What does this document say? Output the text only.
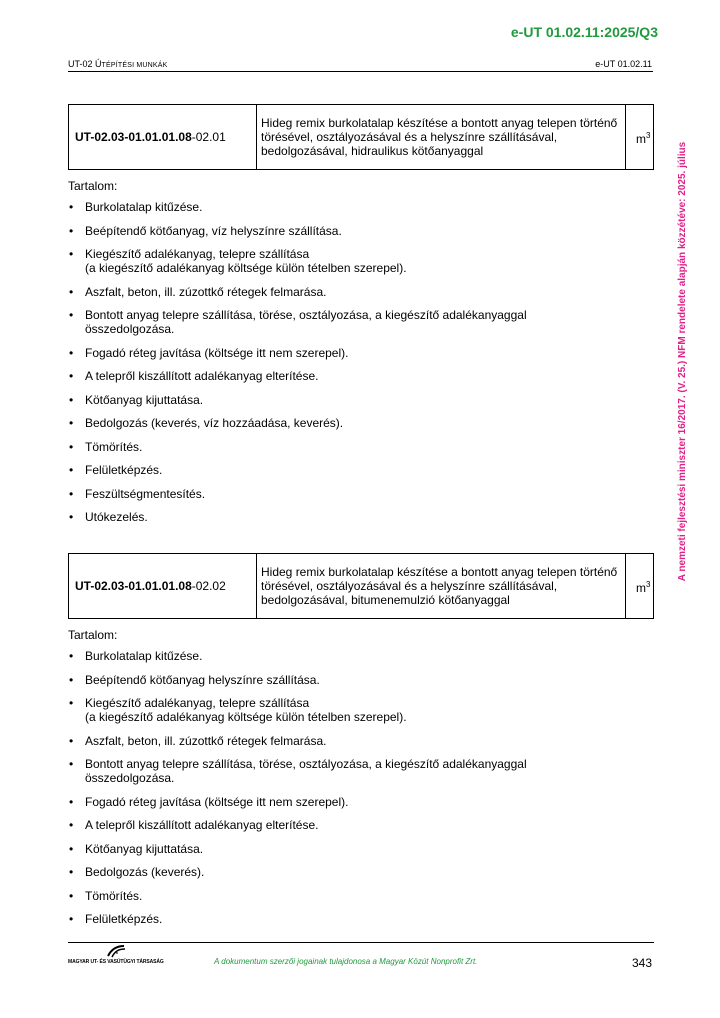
e-UT 01.02.11:2025/Q3
UT-02 ÚTÉPÍTÉSI MUNKÁK	e-UT 01.02.11
UT-02.03-01.01.01.08-02.01	Hideg remix burkolatalap készítése a bontott anyag telepen történő törésével, osztályozásával és a helyszínre szállításával, bedolgozásával, hidraulikus kötőanyaggal	$m^3$
Tartalom:
• Burkolatalap kitűzése.
• Beépítendő kötőanyag, víz helyszínre szállítása.
• Kiegészítő adalékanyag, telepre szállítása
(a kiegészítő adalékanyag költsége külön tételben szerepel).
• Aszfalt, beton, ill. zúzottkő rétegek felmarása.
• Bontott anyag telepre szállítása, törése, osztályozása, a kiegészítő adalékanyaggal
összedolgozása.
• Fogadó réteg javítása (költsége itt nem szerepel).
• A telepről kiszállított adalékanyag elterítése.
• Kötőanyag kijuttatása.
• Bedolgozás (keverés, víz hozzáadása, keverés).
• Tömörítés.
• Felületképzés.
• Feszültségmentesítés.
• Utókezelés.
UT-02.03-01.01.01.08-02.02	Hideg remix burkolatalap készítése a bontott anyag telepen történő törésével, osztályozásával és a helyszínre szállításával, bedolgozásával, bitumenemulzió kötőanyaggal	$m^3$
Tartalom:
• Burkolatalap kitűzése.
• Beépítendő kötőanyag helyszínre szállítása.
• Kiegészítő adalékanyag, telepre szállítása
(a kiegészítő adalékanyag költsége külön tételben szerepel).
• Aszfalt, beton, ill. zúzottkő rétegek felmarása.
• Bontott anyag telepre szállítása, törése, osztályozása, a kiegészítő adalékanyaggal
összedolgozása.
• Fogadó réteg javítása (költsége itt nem szerepel).
• A telepről kiszállított adalékanyag elterítése.
• Kötőanyag kijuttatása.
• Bedolgozás (keverés).
• Tömörítés.
• Felületképzés.
A nemzeti fejlesztési miniszter 16/2017. (V. 25.) NFM rendelete alapján közzétéve: 2025. július
MAGYAR UT- ÉS VASÚTÜGYI TÁRSASÁG	A dokumentum szerzői jogainak tulajdonosa a Magyar Közút Nonprofit Zrt.	343
